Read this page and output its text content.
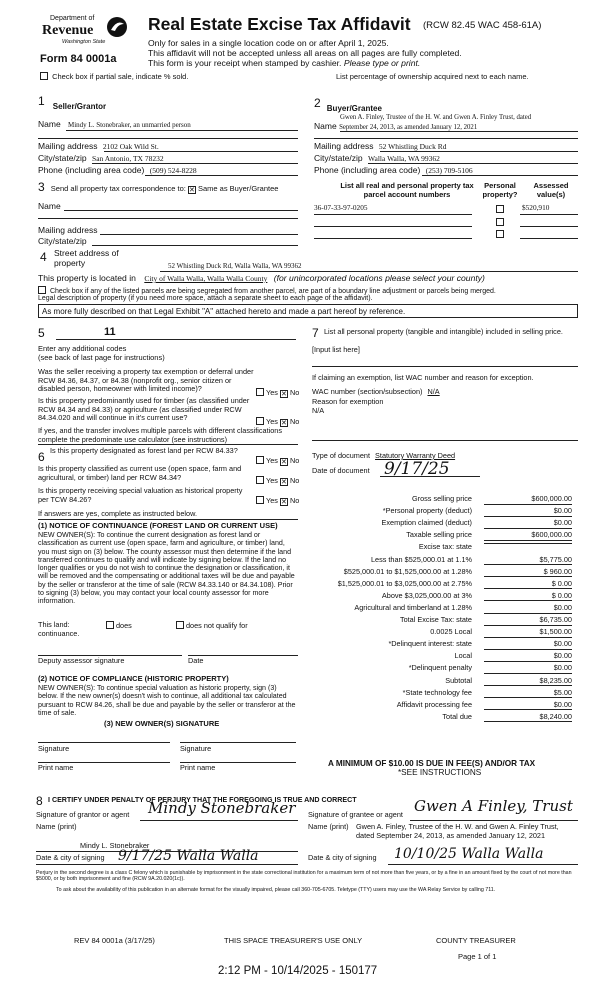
Department of
Revenue
Washington State
Form 84 0001a
Real Estate Excise Tax Affidavit (RCW 82.45 WAC 458-61A)
Only for sales in a single location code on or after April 1, 2025.
This affidavit will not be accepted unless all areas on all pages are fully completed.
This form is your receipt when stamped by cashier. Please type or print.
Check box if partial sale, indicate % sold.	List percentage of ownership acquired next to each name.
1 Seller/Grantor
Name Mindy L. Stonebraker, an unmarried person
Mailing address 2102 Oak Wild St.
City/state/zip San Antonio, TX 78232
Phone (including area code) (509) 524-8228
2 Buyer/Grantee
Gwen A. Finley, Trustee of the H. W. and Gwen A. Finley Trust, dated
Name September 24, 2013, as amended January 12, 2021
Mailing address 52 Whistling Duck Rd
City/state/zip Walla Walla, WA 99362
Phone (including area code) (253) 709-5106
3 Send all property tax correspondence to: ✕ Same as Buyer/Grantee
Name
Mailing address
City/state/zip
List all real and personal property tax parcel account numbers
Personal property?
Assessed value(s)
36-07-33-97-0205	$520,910
4 Street address of property	52 Whistling Duck Rd, Walla Walla, WA 99362
This property is located in City of Walla Walla, Walla Walla County (for unincorporated locations please select your county)
Check box if any of the listed parcels are being segregated from another parcel, are part of a boundary line adjustment or parcels being merged.
Legal description of property (if you need more space, attach a separate sheet to each page of the affidavit).
As more fully described on that Legal Exhibit "A" attached hereto and made a part hereof by reference.
5	11
Enter any additional codes
(see back of last page for instructions)
Was the seller receiving a property tax exemption or deferral under RCW 84.36, 84.37, or 84.38 (nonprofit org., senior citizen or disabled person, homeowner with limited income)?	Yes ✕ No
Is this property predominantly used for timber (as classified under RCW 84.34 and 84.33) or agriculture (as classified under RCW 84.34.020 and will continue in it's current use?	Yes ✕ No
If yes, and the transfer involves multiple parcels with different classifications complete the predominate use calculator (see instructions)
6 Is this property designated as forest land per RCW 84.33?
Yes ✕ No
Is this property classified as current use (open space, farm and agricultural, or timber) land per RCW 84.34?	Yes ✕ No
Is this property receiving special valuation as historical property per TCW 84.26?	Yes ✕ No
If answers are yes, complete as instructed below.
(1) NOTICE OF CONTINUANCE (FOREST LAND OR CURRENT USE)
NEW OWNER(S): To continue the current designation as forest land or classification as current use (open space, farm and agriculture, or timber) land, you must sign on (3) below. The county assessor must then determine if the land transferred continues to qualify and will indicate by signing below. If the land no longer qualifies or you do not wish to continue the designation or classification, it will be removed and the compensating or additional taxes will be due and payable by the seller or transferor at the time of sale (RCW 84.33.140 or 84.34.108). Prior to signing (3) below, you may contact your local county assessor for more information.
This land:	does	does not qualify for
continuance.
Deputy assessor signature	Date
(2) NOTICE OF COMPLIANCE (HISTORIC PROPERTY)
NEW OWNER(S): To continue special valuation as historic property, sign (3) below. If the new owner(s) doesn't wish to continue, all additional tax calculated pursuant to RCW 84.26, shall be due and payable by the seller or transferor at the time of sale.
(3) NEW OWNER(S) SIGNATURE
Signature	Signature
Print name	Print name
7 List all personal property (tangible and intangible) included in selling price.
[Input list here]
If claiming an exemption, list WAC number and reason for exception.
WAC number (section/subsection) N/A
Reason for exemption
N/A
Type of document Statutory Warranty Deed
Date of document 9/17/25
Gross selling price	$600,000.00
*Personal property (deduct)	$0.00
Exemption claimed (deduct)	$0.00
Taxable selling price	$600,000.00
Excise tax: state
Less than $525,000.01 at 1.1%	$5,775.00
$525,000.01 to $1,525,000.00 at 1.28%	$ 960.00
$1,525,000.01 to $3,025,000.00 at 2.75%	$ 0.00
Above $3,025,000.00 at 3%	$ 0.00
Agricultural and timberland at 1.28%	$0.00
Total Excise Tax: state	$6,735.00
0.0025 Local	$1,500.00
*Delinquent interest: state	$0.00
Local	$0.00
*Delinquent penalty	$0.00
Subtotal	$8,235.00
*State technology fee	$5.00
Affidavit processing fee	$0.00
Total due	$8,240.00
A MINIMUM OF $10.00 IS DUE IN FEE(S) AND/OR TAX
*SEE INSTRUCTIONS
8 I CERTIFY UNDER PENALTY OF PERJURY THAT THE FOREGOING IS TRUE AND CORRECT
Signature of grantor or agent Mindy Stonebraker
Name (print)
Mindy L. Stonebraker
Date & city of signing 9/17/25 Walla Walla
Signature of grantee or agent Gwen A Finley, Trust
Name (print) Gwen A. Finley, Trustee of the H. W. and Gwen A. Finley Trust, dated September 24, 2013, as amended January 12, 2021
Date & city of signing 10/10/25 Walla Walla
Perjury in the second degree is a class C felony which is punishable by imprisonment in the state correctional institution for a maximum term of not more than five years, or by a fine in an amount fixed by the court of not more than $5000, or by both imprisonment and fine (RCW 9A.20.020(1c)).
To ask about the availability of this publication in an alternate format for the visually impaired, please call 360-705-6705. Teletype (TTY) users may use the WA Relay Service by calling 711.
REV 84 0001a (3/17/25)	THIS SPACE TREASURER'S USE ONLY	COUNTY TREASURER
Page 1 of 1
2:12 PM - 10/14/2025 - 150177
